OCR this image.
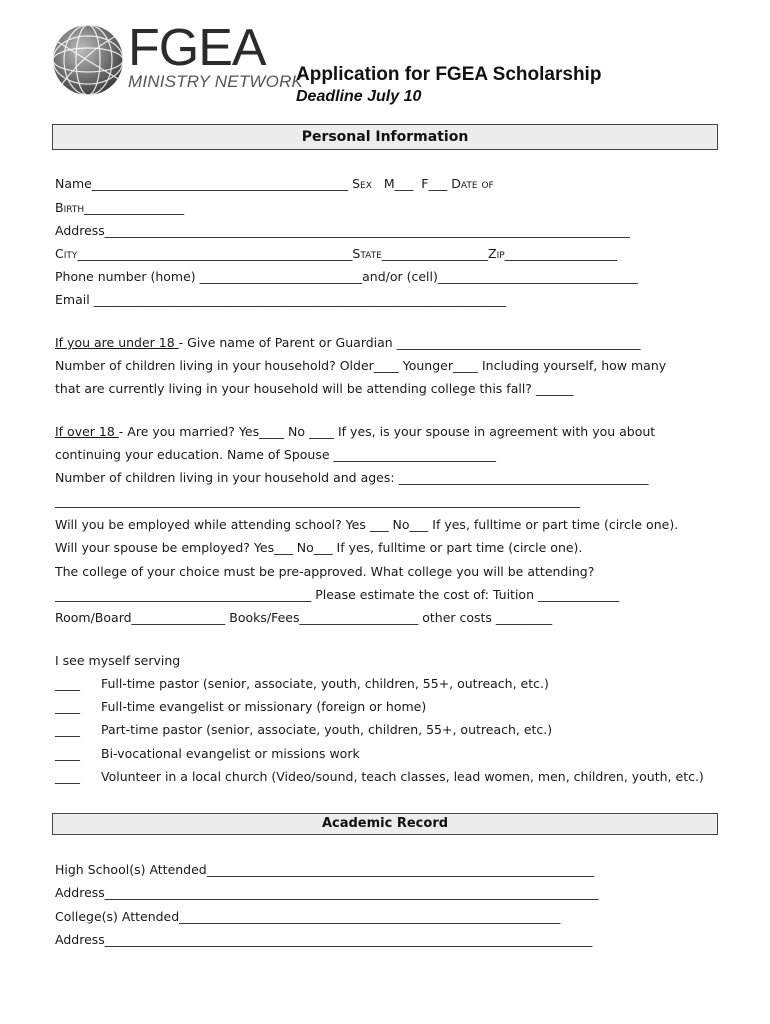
FGEA
MINISTRY NETWORK
Application for FGEA Scholarship
Deadline July 10
Personal Information
Name_________________________________________ Sex   M___  F___ Date of
Birth________________
Address____________________________________________________________________________________
City____________________________________________State_________________Zip__________________
Phone number (home) __________________________and/or (cell)________________________________
Email __________________________________________________________________
If you are under 18 - Give name of Parent or Guardian _______________________________________
Number of children living in your household? Older____ Younger____ Including yourself, how many
that are currently living in your household will be attending college this fall? ______
If over 18 - Are you married? Yes____ No ____ If yes, is your spouse in agreement with you about
continuing your education. Name of Spouse __________________________
Number of children living in your household and ages: ________________________________________
____________________________________________________________________________________
Will you be employed while attending school? Yes ___ No___ If yes, fulltime or part time (circle one).
Will your spouse be employed? Yes___ No___ If yes, fulltime or part time (circle one).
The college of your choice must be pre-approved. What college you will be attending?
_________________________________________ Please estimate the cost of: Tuition _____________
Room/Board_______________ Books/Fees___________________ other costs _________
I see myself serving
____ Full-time pastor (senior, associate, youth, children, 55+, outreach, etc.)
____ Full-time evangelist or missionary (foreign or home)
____ Part-time pastor (senior, associate, youth, children, 55+, outreach, etc.)
____ Bi-vocational evangelist or missions work
____ Volunteer in a local church (Video/sound, teach classes, lead women, men, children, youth, etc.)
Academic Record
High School(s) Attended______________________________________________________________
Address_______________________________________________________________________________
College(s) Attended_____________________________________________________________
Address______________________________________________________________________________
